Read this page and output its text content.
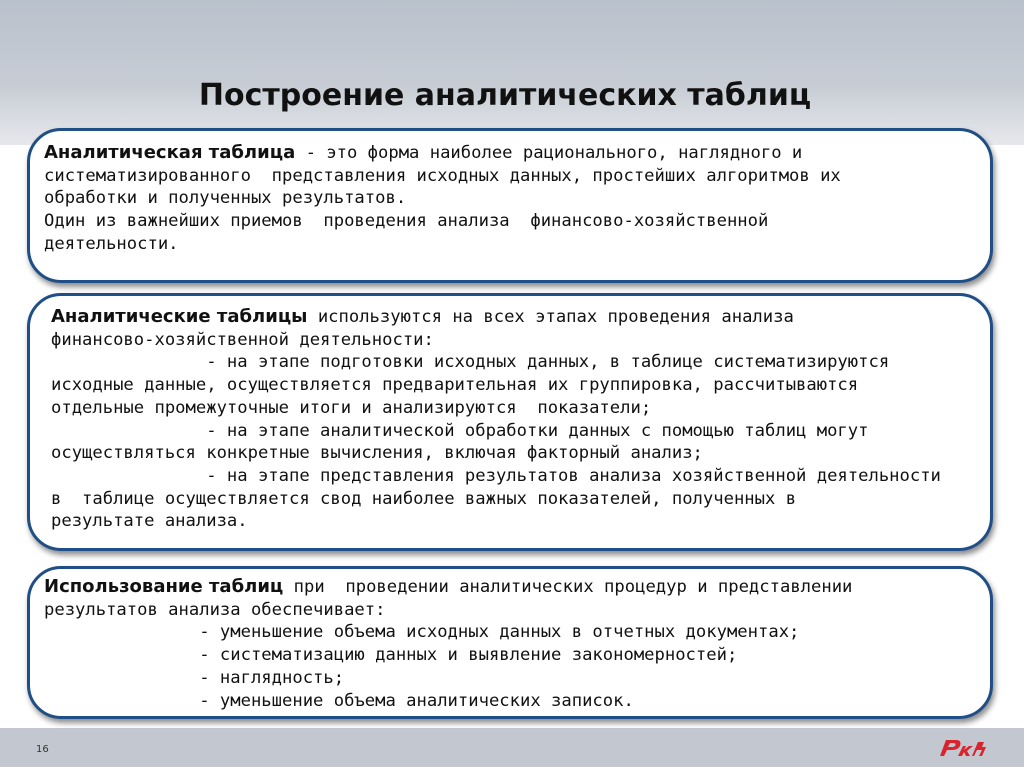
Построение аналитических таблиц

Аналитическая таблица - это форма наиболее рационального, наглядного и

систематизированного  представления исходных данных, простейших алгоритмов их

обработки и полученных результатов.

Один из важнейших приемов  проведения анализа  финансово-хозяйственной

деятельности.

Аналитические таблицы используются на всех этапах проведения анализа

финансово-хозяйственной деятельности:

- на этапе подготовки исходных данных, в таблице систематизируются

исходные данные, осуществляется предварительная их группировка, рассчитываются

отдельные промежуточные итоги и анализируются  показатели;

- на этапе аналитической обработки данных с помощью таблиц могут

осуществляться конкретные вычисления, включая факторный анализ;

- на этапе представления результатов анализа хозяйственной деятельности

в  таблице осуществляется свод наиболее важных показателей, полученных в

результате анализа.

Использование таблиц при  проведении аналитических процедур и представлении

результатов анализа обеспечивает:

- уменьшение объема исходных данных в отчетных документах;

- систематизацию данных и выявление закономерностей;

- наглядность;

- уменьшение объема аналитических записок.

16
